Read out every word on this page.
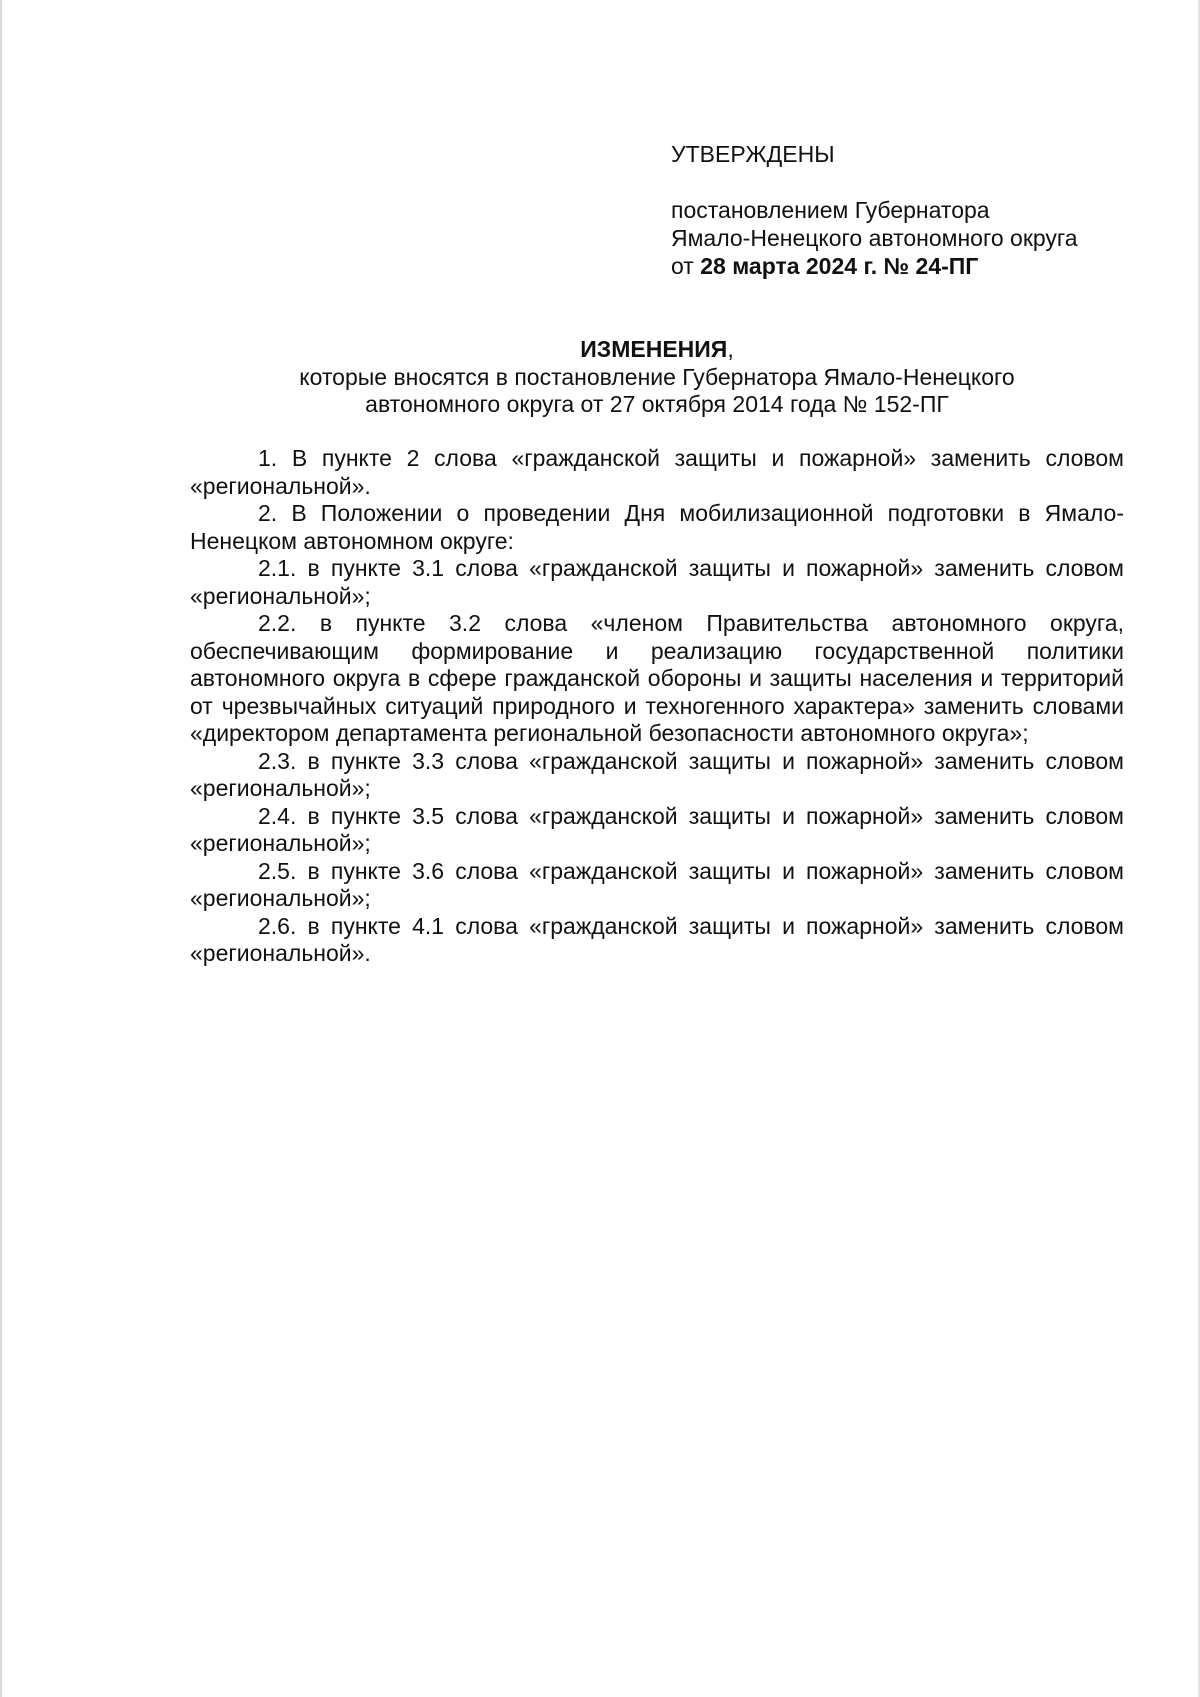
УТВЕРЖДЕНЫ
постановлением Губернатора
Ямало-Ненецкого автономного округа
от 28 марта 2024 г. № 24-ПГ
ИЗМЕНЕНИЯ,
которые вносятся в постановление Губернатора Ямало-Ненецкого
автономного округа от 27 октября 2014 года № 152-ПГ

1. В пункте 2 слова «гражданской защиты и пожарной» заменить словом «региональной».

2. В Положении о проведении Дня мобилизационной подготовки в Ямало-Ненецком автономном округе:

2.1. в пункте 3.1 слова «гражданской защиты и пожарной» заменить словом «региональной»;

2.2. в пункте 3.2 слова «членом Правительства автономного округа, обеспечивающим формирование и реализацию государственной политики автономного округа в сфере гражданской обороны и защиты населения и территорий от чрезвычайных ситуаций природного и техногенного характера» заменить словами «директором департамента региональной безопасности автономного округа»;

2.3. в пункте 3.3 слова «гражданской защиты и пожарной» заменить словом «региональной»;

2.4. в пункте 3.5 слова «гражданской защиты и пожарной» заменить словом «региональной»;

2.5. в пункте 3.6 слова «гражданской защиты и пожарной» заменить словом «региональной»;

2.6. в пункте 4.1 слова «гражданской защиты и пожарной» заменить словом «региональной».
